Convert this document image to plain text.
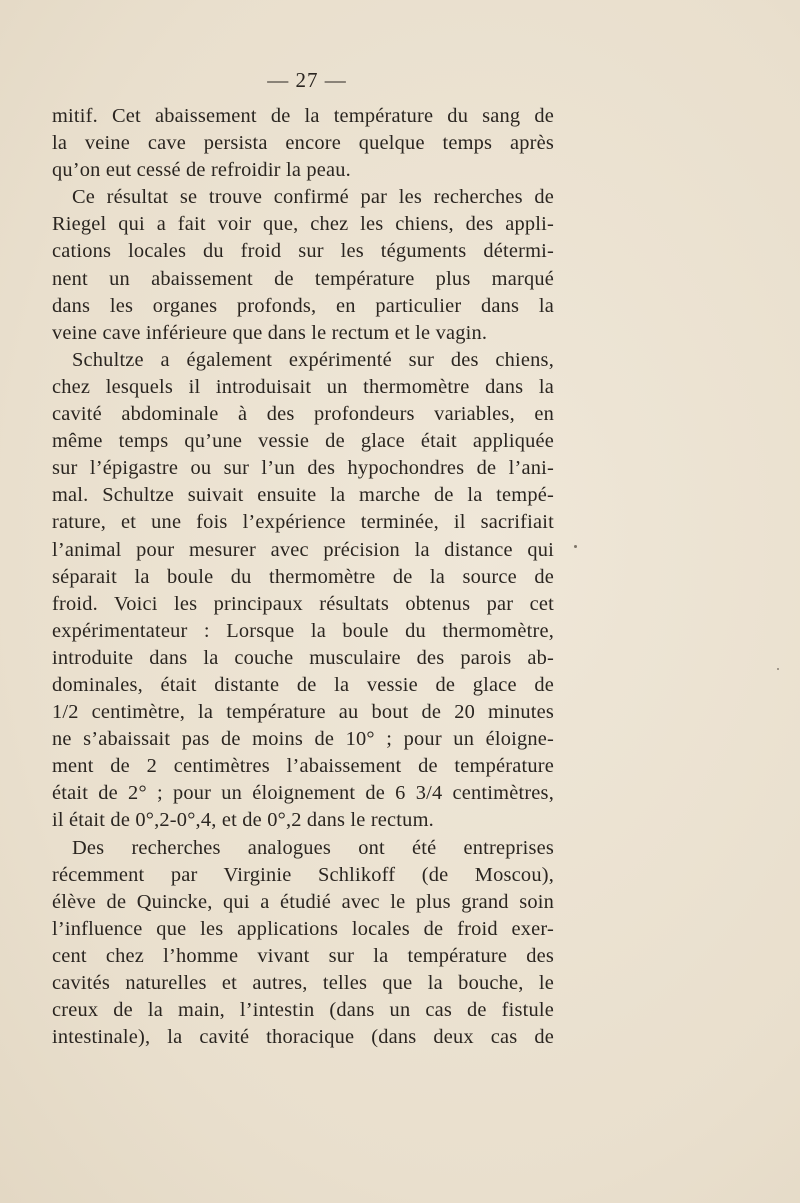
— 27 —

mitif. Cet abaissement de la température du sang de
la veine cave persista encore quelque temps après
qu’on eut cessé de refroidir la peau.

Ce résultat se trouve confirmé par les recherches de
Riegel qui a fait voir que, chez les chiens, des appli-
cations locales du froid sur les téguments détermi-
nent un abaissement de température plus marqué
dans les organes profonds, en particulier dans la
veine cave inférieure que dans le rectum et le vagin.

Schultze a également expérimenté sur des chiens,
chez lesquels il introduisait un thermomètre dans la
cavité abdominale à des profondeurs variables, en
même temps qu’une vessie de glace était appliquée
sur l’épigastre ou sur l’un des hypochondres de l’ani-
mal. Schultze suivait ensuite la marche de la tempé-
rature, et une fois l’expérience terminée, il sacrifiait
l’animal pour mesurer avec précision la distance qui
séparait la boule du thermomètre de la source de
froid. Voici les principaux résultats obtenus par cet
expérimentateur : Lorsque la boule du thermomètre,
introduite dans la couche musculaire des parois ab-
dominales, était distante de la vessie de glace de
1/2 centimètre, la température au bout de 20 minutes
ne s’abaissait pas de moins de 10° ; pour un éloigne-
ment de 2 centimètres l’abaissement de température
était de 2° ; pour un éloignement de 6 3/4 centimètres,
il était de 0°,2-0°,4, et de 0°,2 dans le rectum.

Des recherches analogues ont été entreprises
récemment par Virginie Schlikoff (de Moscou),
élève de Quincke, qui a étudié avec le plus grand soin
l’influence que les applications locales de froid exer-
cent chez l’homme vivant sur la température des
cavités naturelles et autres, telles que la bouche, le
creux de la main, l’intestin (dans un cas de fistule
intestinale), la cavité thoracique (dans deux cas de
